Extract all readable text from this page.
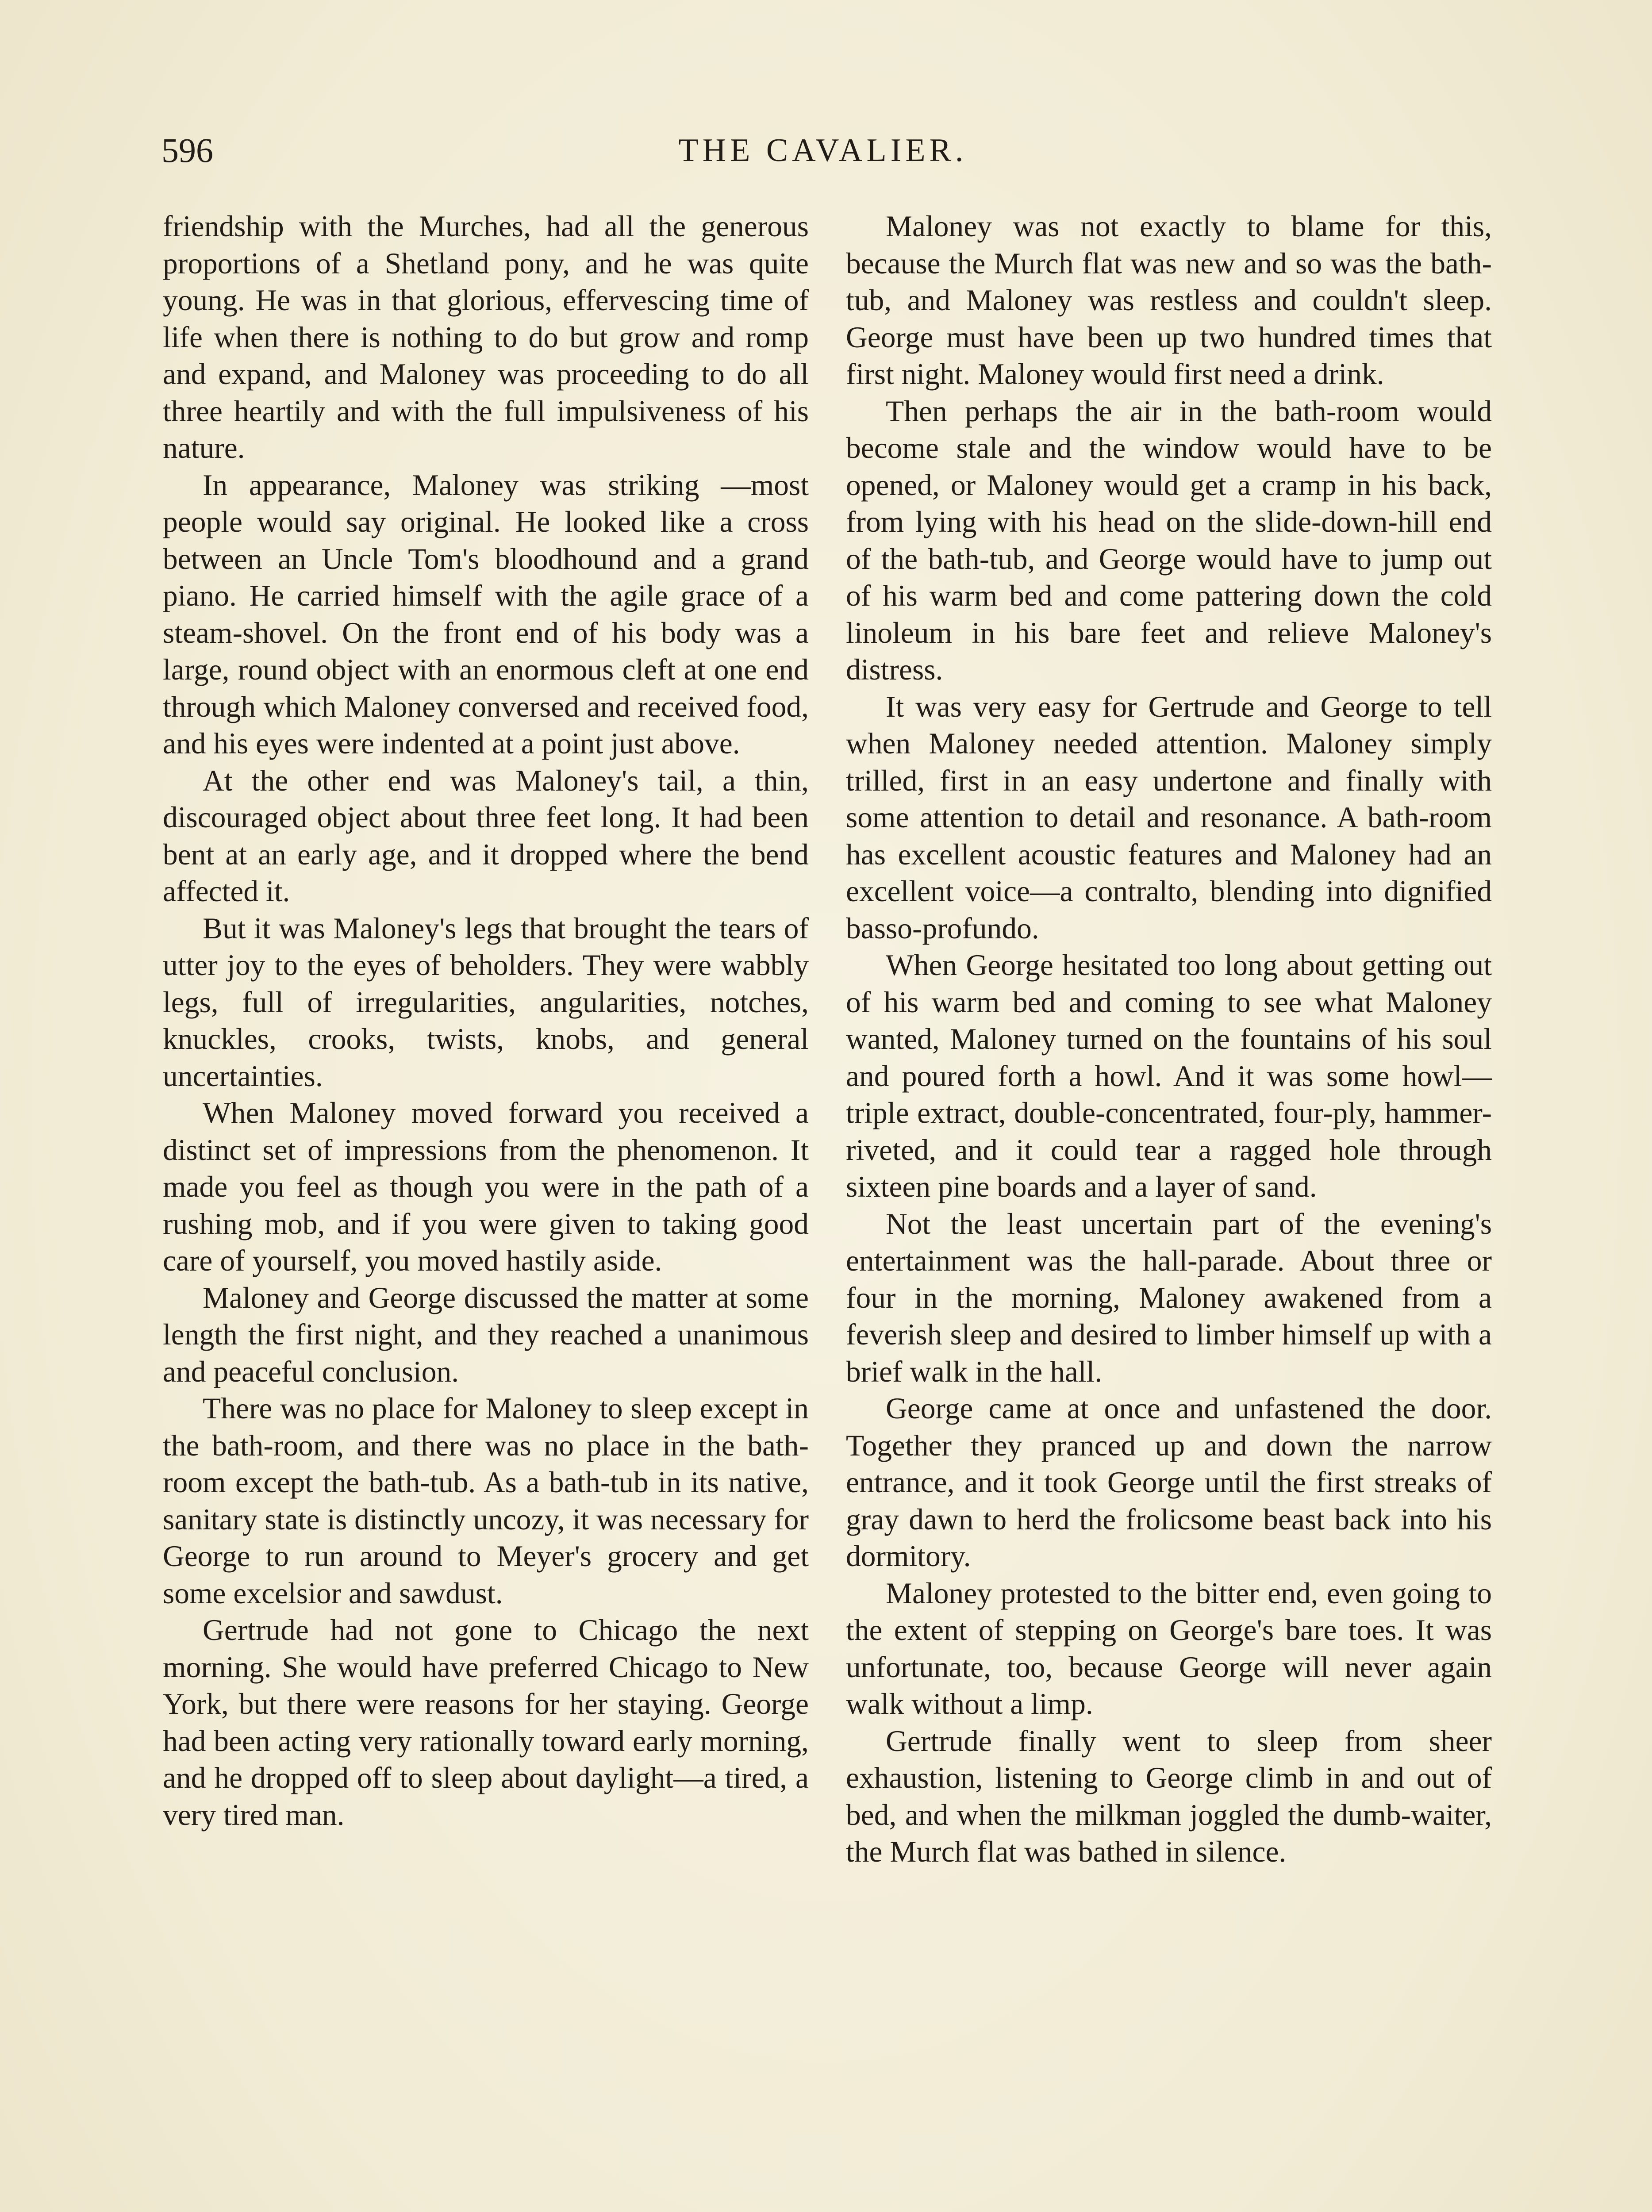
596	THE CAVALIER.

friendship with the Murches, had all the generous proportions of a Shetland pony, and he was quite young. He was in that glorious, effervescing time of life when there is nothing to do but grow and romp and expand, and Maloney was proceeding to do all three heartily and with the full impulsiveness of his nature.

In appearance, Maloney was striking —most people would say original. He looked like a cross between an Uncle Tom's bloodhound and a grand piano. He carried himself with the agile grace of a steam-shovel. On the front end of his body was a large, round object with an enormous cleft at one end through which Maloney conversed and received food, and his eyes were indented at a point just above.

At the other end was Maloney's tail, a thin, discouraged object about three feet long. It had been bent at an early age, and it dropped where the bend affected it.

But it was Maloney's legs that brought the tears of utter joy to the eyes of beholders. They were wabbly legs, full of irregularities, angularities, notches, knuckles, crooks, twists, knobs, and general uncertainties.

When Maloney moved forward you received a distinct set of impressions from the phenomenon. It made you feel as though you were in the path of a rushing mob, and if you were given to taking good care of yourself, you moved hastily aside.

Maloney and George discussed the matter at some length the first night, and they reached a unanimous and peaceful conclusion.

There was no place for Maloney to sleep except in the bath-room, and there was no place in the bath-room except the bath-tub. As a bath-tub in its native, sanitary state is distinctly uncozy, it was necessary for George to run around to Meyer's grocery and get some excelsior and sawdust.

Gertrude had not gone to Chicago the next morning. She would have preferred Chicago to New York, but there were reasons for her staying. George had been acting very rationally toward early morning, and he dropped off to sleep about daylight—a tired, a very tired man.

Maloney was not exactly to blame for this, because the Murch flat was new and so was the bath-tub, and Maloney was restless and couldn't sleep. George must have been up two hundred times that first night. Maloney would first need a drink.

Then perhaps the air in the bath-room would become stale and the window would have to be opened, or Maloney would get a cramp in his back, from lying with his head on the slide-down-hill end of the bath-tub, and George would have to jump out of his warm bed and come pattering down the cold linoleum in his bare feet and relieve Maloney's distress.

It was very easy for Gertrude and George to tell when Maloney needed attention. Maloney simply trilled, first in an easy undertone and finally with some attention to detail and resonance. A bath-room has excellent acoustic features and Maloney had an excellent voice—a contralto, blending into dignified basso-profundo.

When George hesitated too long about getting out of his warm bed and coming to see what Maloney wanted, Maloney turned on the fountains of his soul and poured forth a howl. And it was some howl—triple extract, double-concentrated, four-ply, hammer-riveted, and it could tear a ragged hole through sixteen pine boards and a layer of sand.

Not the least uncertain part of the evening's entertainment was the hall-parade. About three or four in the morning, Maloney awakened from a feverish sleep and desired to limber himself up with a brief walk in the hall.

George came at once and unfastened the door. Together they pranced up and down the narrow entrance, and it took George until the first streaks of gray dawn to herd the frolicsome beast back into his dormitory.

Maloney protested to the bitter end, even going to the extent of stepping on George's bare toes. It was unfortunate, too, because George will never again walk without a limp.

Gertrude finally went to sleep from sheer exhaustion, listening to George climb in and out of bed, and when the milkman joggled the dumb-waiter, the Murch flat was bathed in silence.
